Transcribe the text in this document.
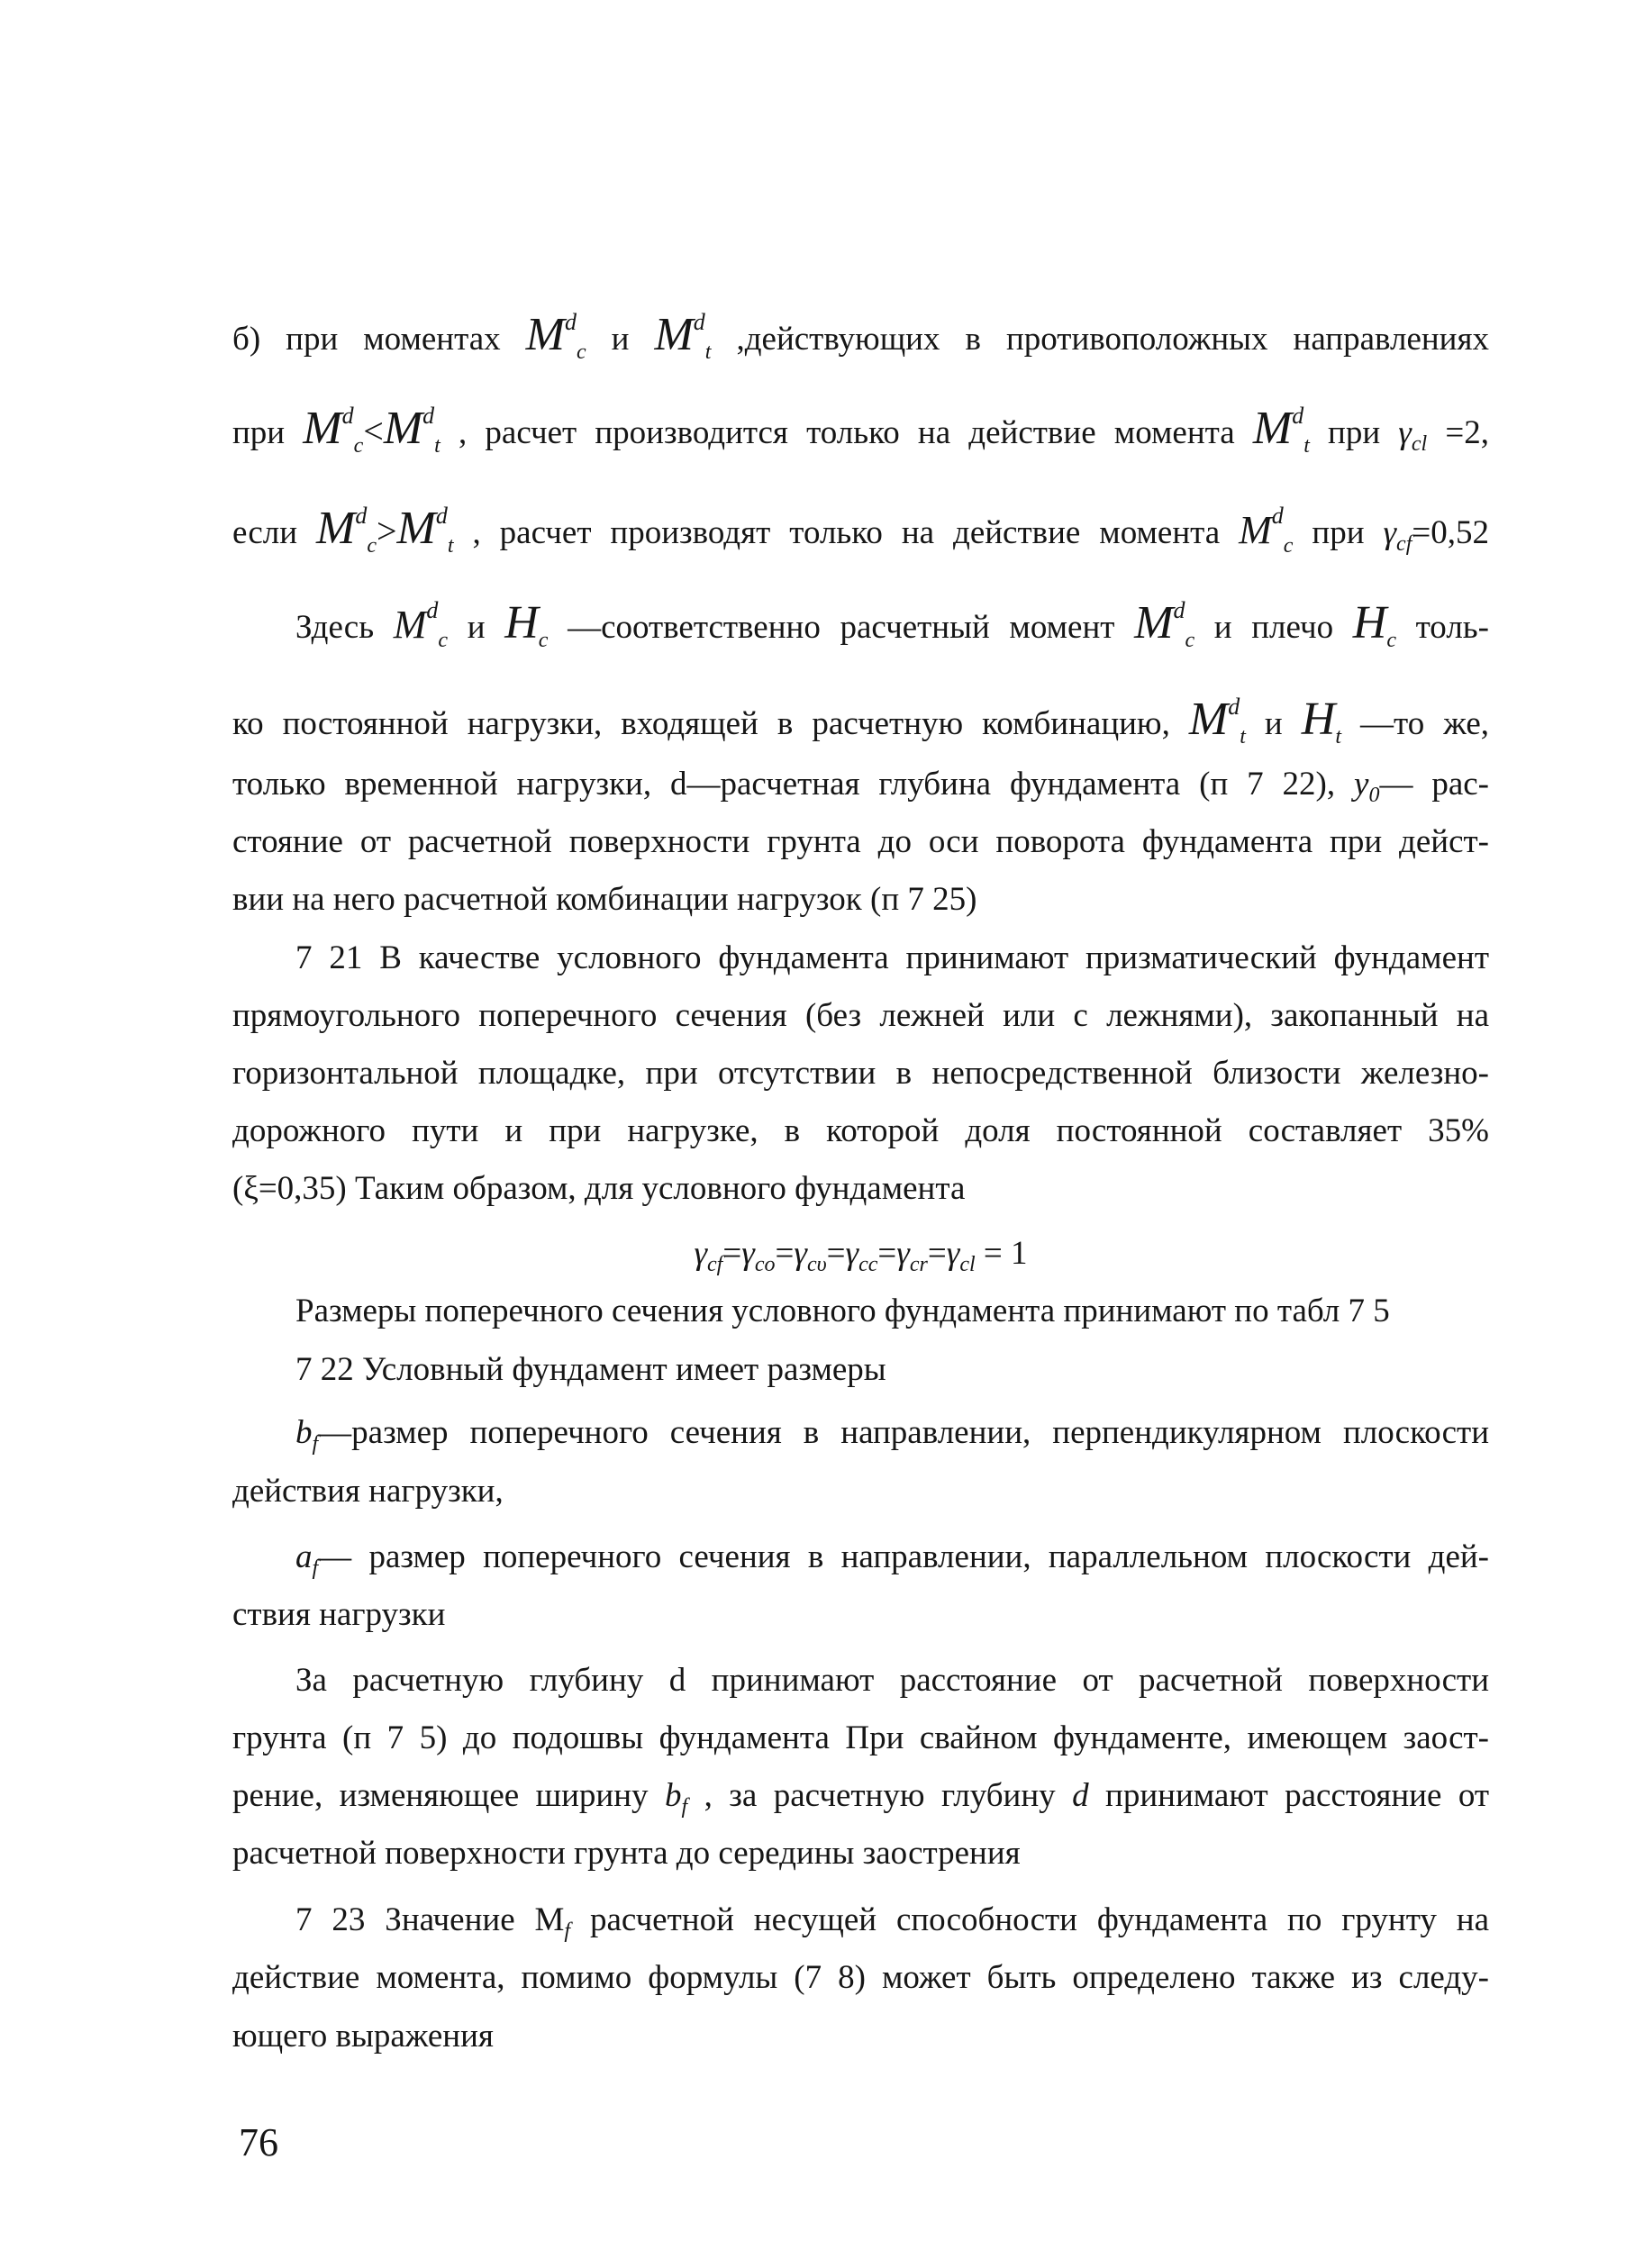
б) при моментах $M^d_c$ и $M^d_t$ ,действующих в противоположных направлениях
при $M^d_c<M^d_t$ , расчет производится только на действие момента $M^d_t$ при $\gamma_{cl} =2$,
если $M^d_c>M^d_t$ , расчет производят только на действие момента $M^d_c$ при $\gamma_{cf}=0,52$
Здесь $M^d_c$ и $H_c$ —соответственно расчетный момент $M^d_c$ и плечо $H_c$ толь-
ко постоянной нагрузки, входящей в расчетную комбинацию, $M^d_t$ и $H_t$ —то же,
только временной нагрузки, d—расчетная глубина фундамента (п 7 22), $y_0—$ рас-
стояние от расчетной поверхности грунта до оси поворота фундамента при дейст-
вии на него расчетной комбинации нагрузок (п 7 25)
7 21 В качестве условного фундамента принимают призматический фундамент
прямоугольного поперечного сечения (без лежней или с лежнями), закопанный на
горизонтальной площадке, при отсутствии в непосредственной близости железно-
дорожного пути и при нагрузке, в которой доля постоянной составляет 35%
(ξ=0,35) Таким образом, для условного фундамента
$\gamma_{cf}=\gamma_{co}=\gamma_{c\upsilon}=\gamma_{cc}=\gamma_{cr}=\gamma_{cl} = 1$
Размеры поперечного сечения условного фундамента принимают по табл 7 5
7 22 Условный фундамент имеет размеры
$b_f—размер$ поперечного сечения в направлении, перпендикулярном плоскости
действия нагрузки,
$a_f—$ размер поперечного сечения в направлении, параллельном плоскости дей-
ствия нагрузки
За расчетную глубину d принимают расстояние от расчетной поверхности
грунта (п 7 5) до подошвы фундамента При свайном фундаменте, имеющем заост-
рение, изменяющее ширину $b_f$ , за расчетную глубину d принимают расстояние от
расчетной поверхности грунта до середины заострения
7 23 Значение $M_f$ расчетной несущей способности фундамента по грунту на
действие момента, помимо формулы (7 8) может быть определено также из следу-
ющего выражения
76
